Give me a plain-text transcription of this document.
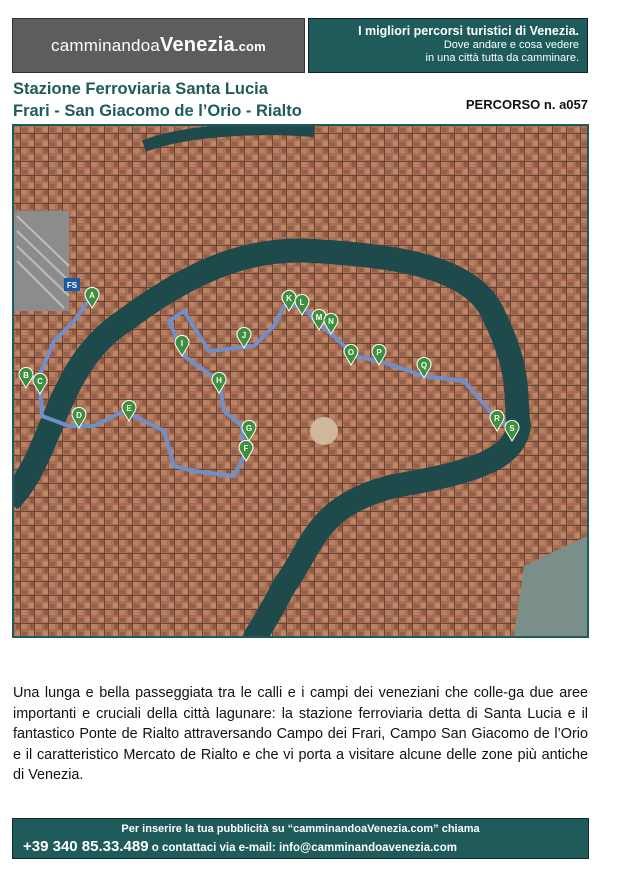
camminandoaVenezia.com
I migliori percorsi turistici di Venezia.
Dove andare e cosa vedere
in una città tutta da camminare.
Stazione Ferroviaria Santa Lucia
Frari - San Giacomo de l’Orio - Rialto	PERCORSO n. a057
FS
A
B
C
D
E
F
G
H
I
J
K L
M N
O	P
Q
R
S
Una lunga e bella passeggiata tra le calli e i campi dei veneziani che colle-ga due aree importanti e cruciali della città lagunare: la stazione ferroviaria detta di Santa Lucia e il fantastico Ponte de Rialto attraversando Campo dei Frari, Campo San Giacomo de l’Orio e il caratteristico Mercato de Rialto e che vi porta a visitare alcune delle zone più antiche di Venezia.
Per inserire la tua pubblicità su “camminandoaVenezia.com” chiama
+39 340 85.33.489 o contattaci via e-mail: info@camminandoavenezia.com
